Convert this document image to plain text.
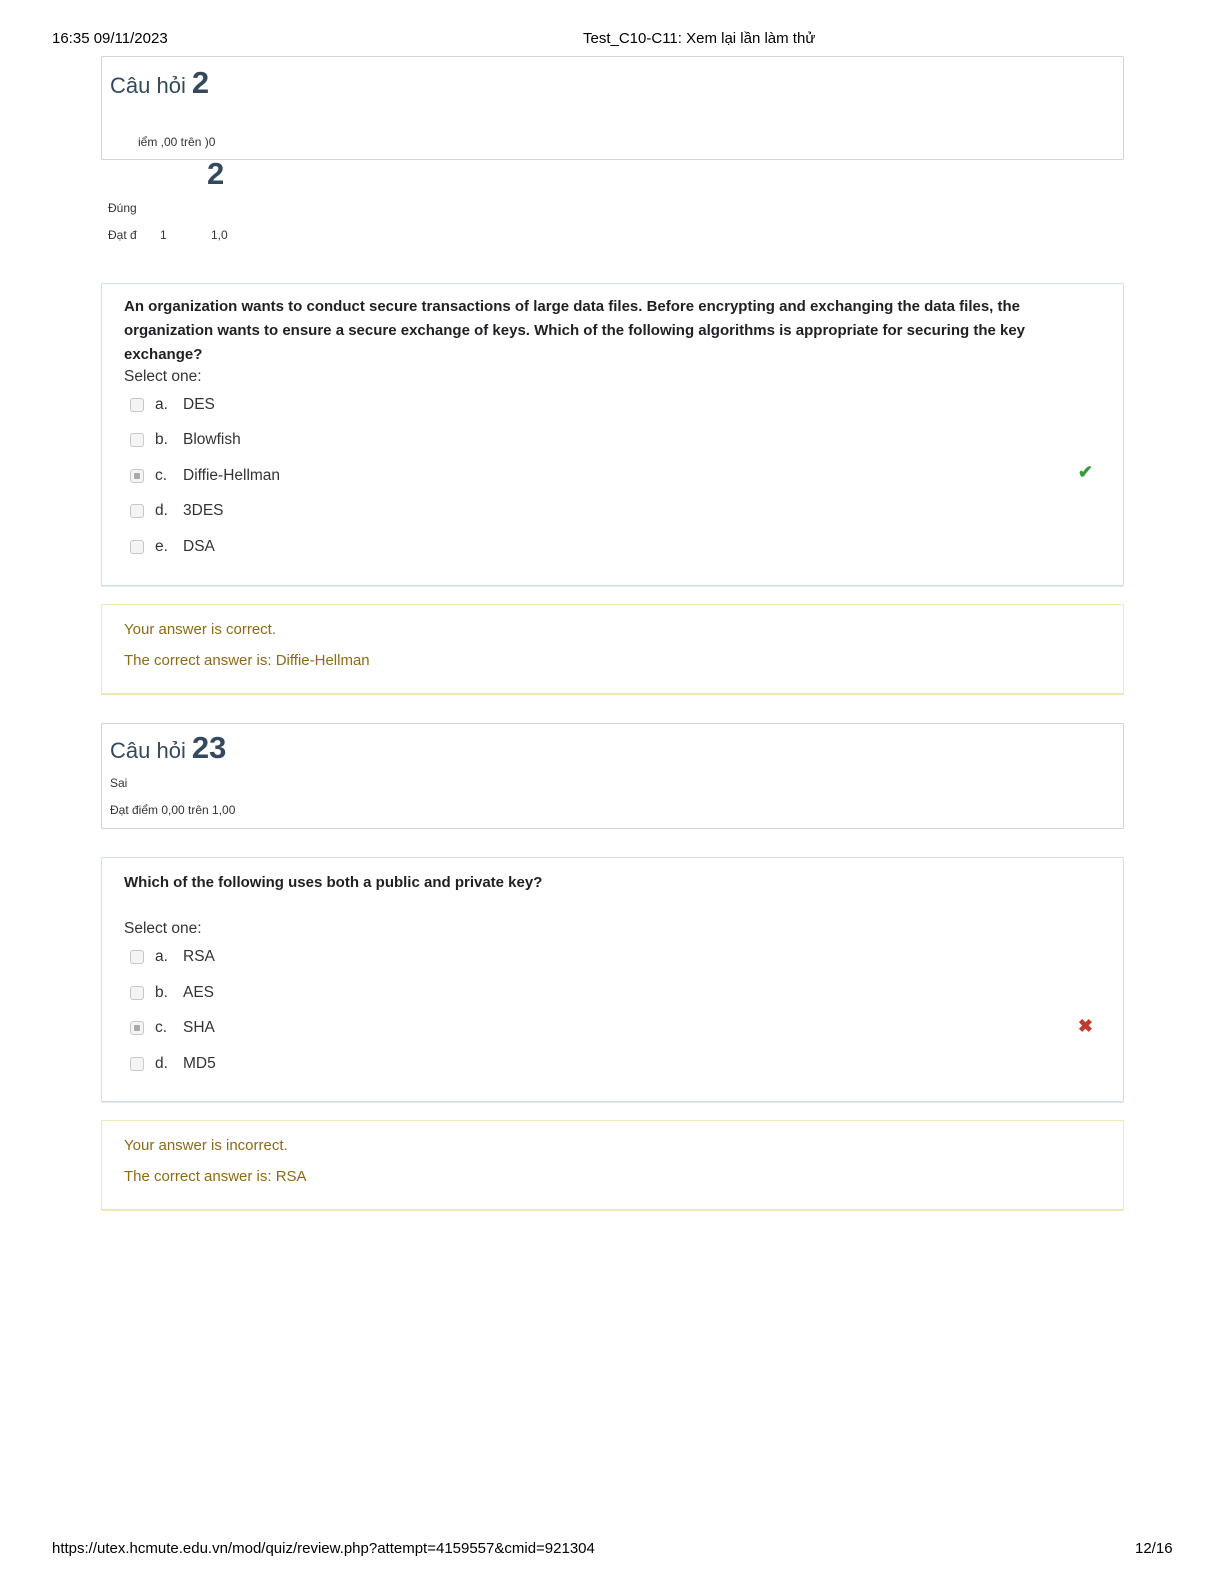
16:35 09/11/2023	Test_C10-C11: Xem lại lần làm thử
Câu hỏi 2
iểm ,00 trên )0
2
Đúng
Đạt đ 1	1,0
An organization wants to conduct secure transactions of large data files. Before encrypting and exchanging the data files, the organization wants to ensure a secure exchange of keys. Which of the following algorithms is appropriate for securing the key exchange?
Select one:
a. DES
b. Blowfish
c.	Diffie-Hellman
d. 3DES
e. DSA
✔
Your answer is correct.
The correct answer is: Diffie-Hellman
Câu hỏi 23
Sai
Đạt điểm 0,00 trên 1,00
Which of the following uses both a public and private key?
Select one:
a. RSA
b. AES
c.	SHA
d. MD5
✖
Your answer is incorrect.
The correct answer is: RSA
https://utex.hcmute.edu.vn/mod/quiz/review.php?attempt=4159557&cmid=921304	12/16
